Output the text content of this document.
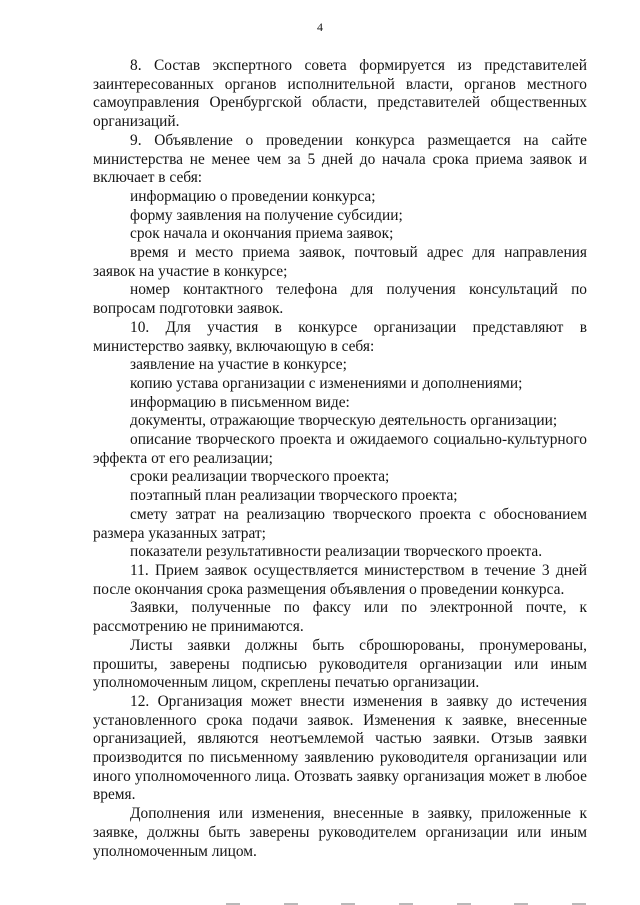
4

8. Состав экспертного совета формируется из представителей заинтересованных органов исполнительной власти, органов местного самоуправления Оренбургской области, представителей общественных организаций.

9. Объявление о проведении конкурса размещается на сайте министерства не менее чем за 5 дней до начала срока приема заявок и включает в себя:

информацию о проведении конкурса;

форму заявления на получение субсидии;

срок начала и окончания приема заявок;

время и место приема заявок, почтовый адрес для направления заявок на участие в конкурсе;

номер контактного телефона для получения консультаций по вопросам подготовки заявок.

10. Для участия в конкурсе организации представляют в министерство заявку, включающую в себя:

заявление на участие в конкурсе;

копию устава организации с изменениями и дополнениями;

информацию в письменном виде:

документы, отражающие творческую деятельность организации;

описание творческого проекта и ожидаемого социально-культурного эффекта от его реализации;

сроки реализации творческого проекта;

поэтапный план реализации творческого проекта;

смету затрат на реализацию творческого проекта с обоснованием размера указанных затрат;

показатели результативности реализации творческого проекта.

11. Прием заявок осуществляется министерством в течение 3 дней после окончания срока размещения объявления о проведении конкурса.

Заявки, полученные по факсу или по электронной почте, к рассмотрению не принимаются.

Листы заявки должны быть сброшюрованы, пронумерованы, прошиты, заверены подписью руководителя организации или иным уполномоченным лицом, скреплены печатью организации.

12. Организация может внести изменения в заявку до истечения установленного срока подачи заявок. Изменения к заявке, внесенные организацией, являются неотъемлемой частью заявки. Отзыв заявки производится по письменному заявлению руководителя организации или иного уполномоченного лица. Отозвать заявку организация может в любое время.

Дополнения или изменения, внесенные в заявку, приложенные к заявке, должны быть заверены руководителем организации или иным уполномоченным лицом.
